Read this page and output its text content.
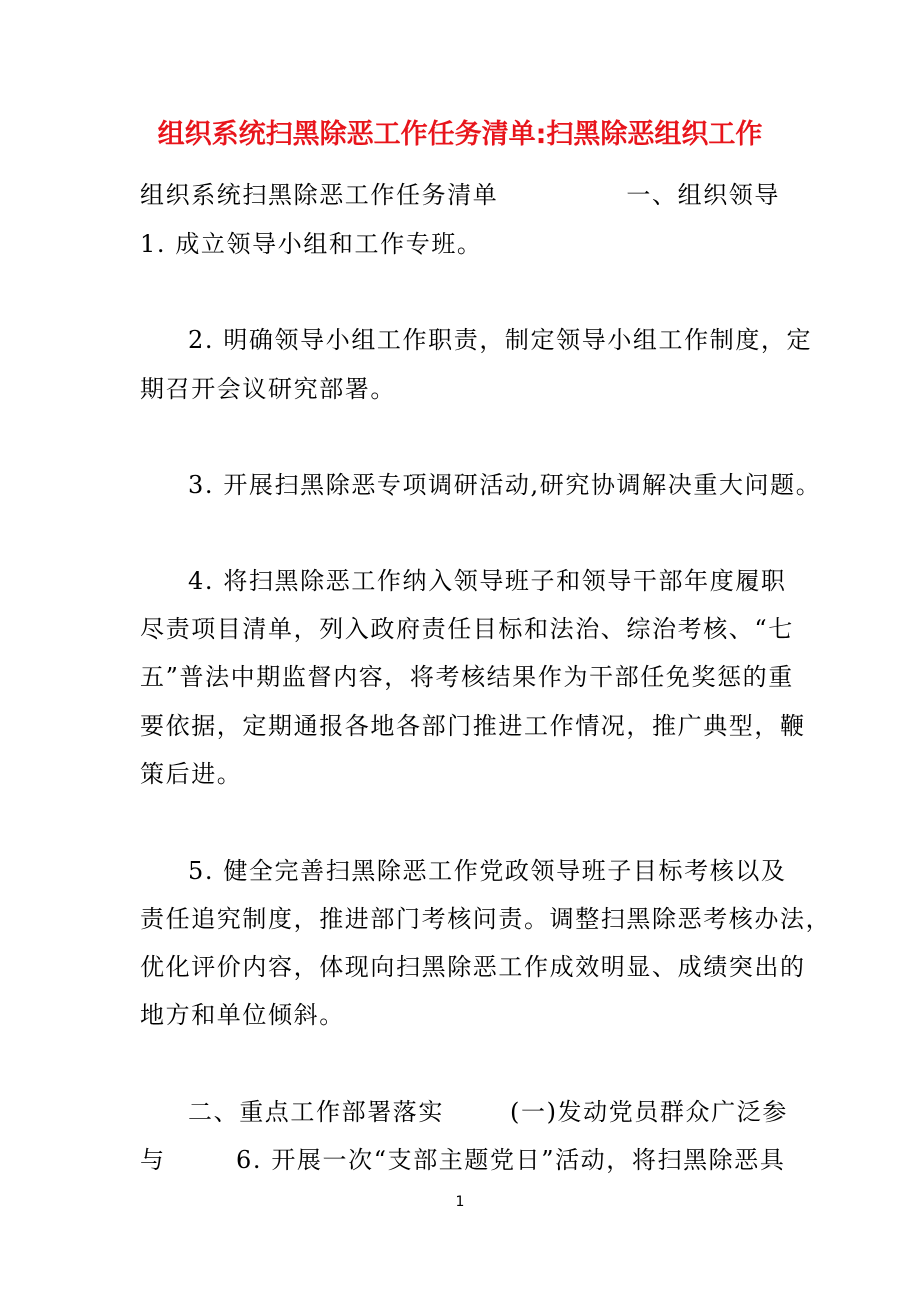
组织系统扫黑除恶工作任务清单:扫黑除恶组织工作
组织系统扫黑除恶工作任务清单	一、组织领导
1. 成立领导小组和工作专班。
2. 明确领导小组工作职责，制定领导小组工作制度，定
期召开会议研究部署。
3. 开展扫黑除恶专项调研活动,研究协调解决重大问题。
4. 将扫黑除恶工作纳入领导班子和领导干部年度履职
尽责项目清单，列入政府责任目标和法治、综治考核、“七
五”普法中期监督内容，将考核结果作为干部任免奖惩的重
要依据，定期通报各地各部门推进工作情况，推广典型，鞭
策后进。
5. 健全完善扫黑除恶工作党政领导班子目标考核以及
责任追究制度，推进部门考核问责。调整扫黑除恶考核办法，
优化评价内容，体现向扫黑除恶工作成效明显、成绩突出的
地方和单位倾斜。
二、重点工作部署落实	(一)发动党员群众广泛参
与	6. 开展一次“支部主题党日”活动，将扫黑除恶具
1
